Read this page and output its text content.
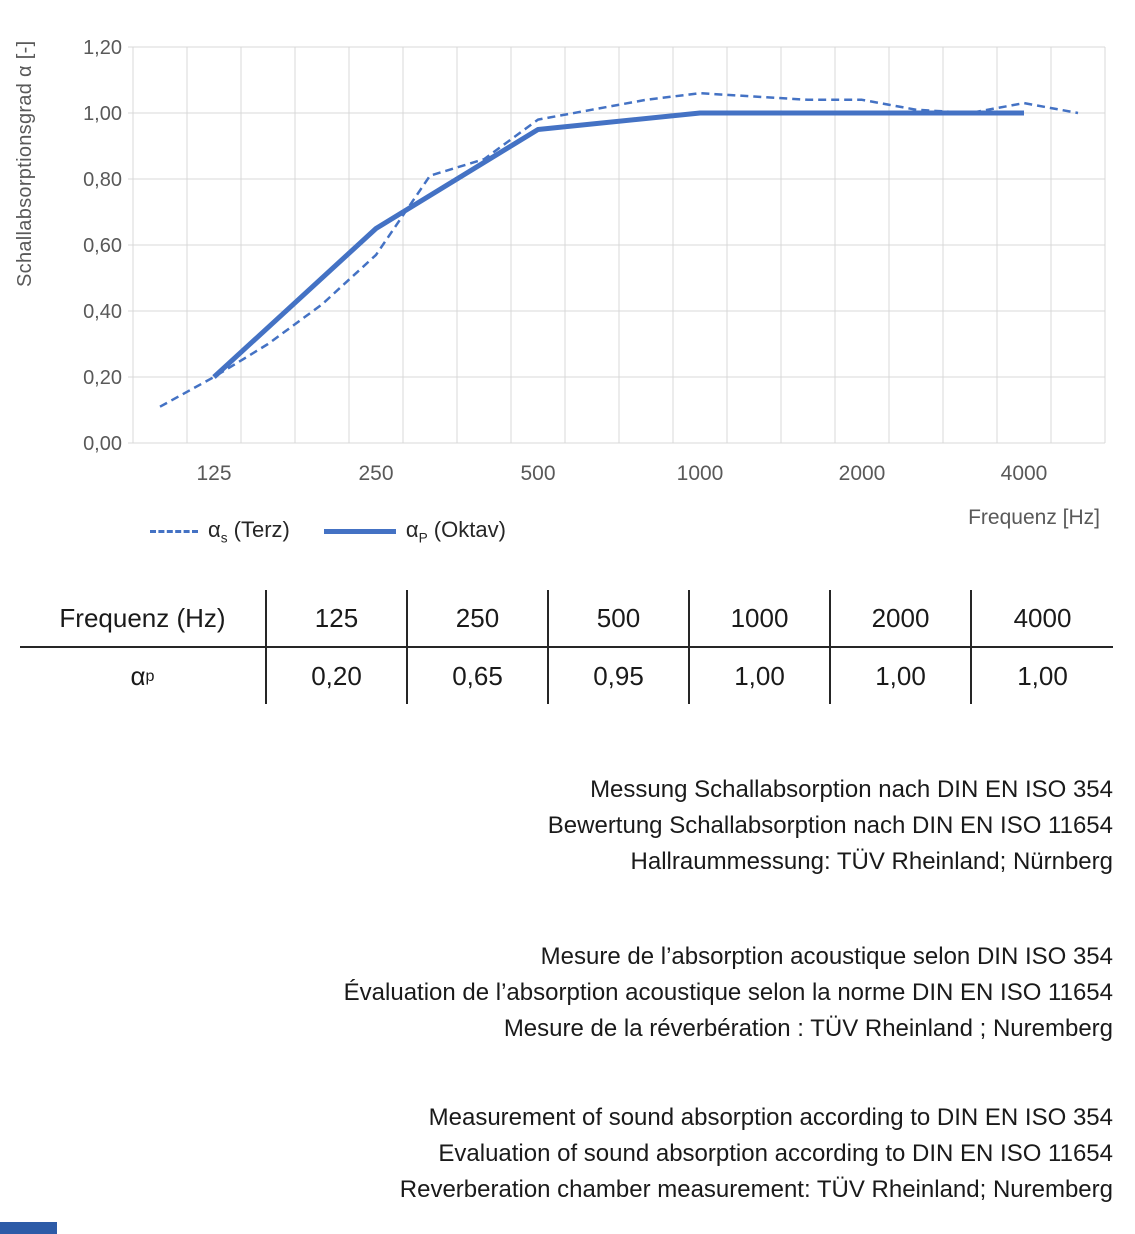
0,00
0,20
0,40
0,60
0,80
1,00
1,20
125	250	500	1000	2000	4000
Schallabsorptionsgrad α [-]
Frequenz [Hz]
$\alpha_s$ (Terz)	$\alpha_P$ (Oktav)
Frequenz (Hz)	125	250	500	1000	2000	4000
α p	0,20	0,65	0,95	1,00	1,00	1,00
Messung Schallabsorption nach DIN EN ISO 354
Bewertung Schallabsorption nach DIN EN ISO 11654
Hallraummessung: TÜV Rheinland; Nürnberg
Mesure de l’absorption acoustique selon DIN ISO 354
Évaluation de l’absorption acoustique selon la norme DIN EN ISO 11654
Mesure de la réverbération : TÜV Rheinland ; Nuremberg
Measurement of sound absorption according to DIN EN ISO 354
Evaluation of sound absorption according to DIN EN ISO 11654
Reverberation chamber measurement: TÜV Rheinland; Nuremberg
